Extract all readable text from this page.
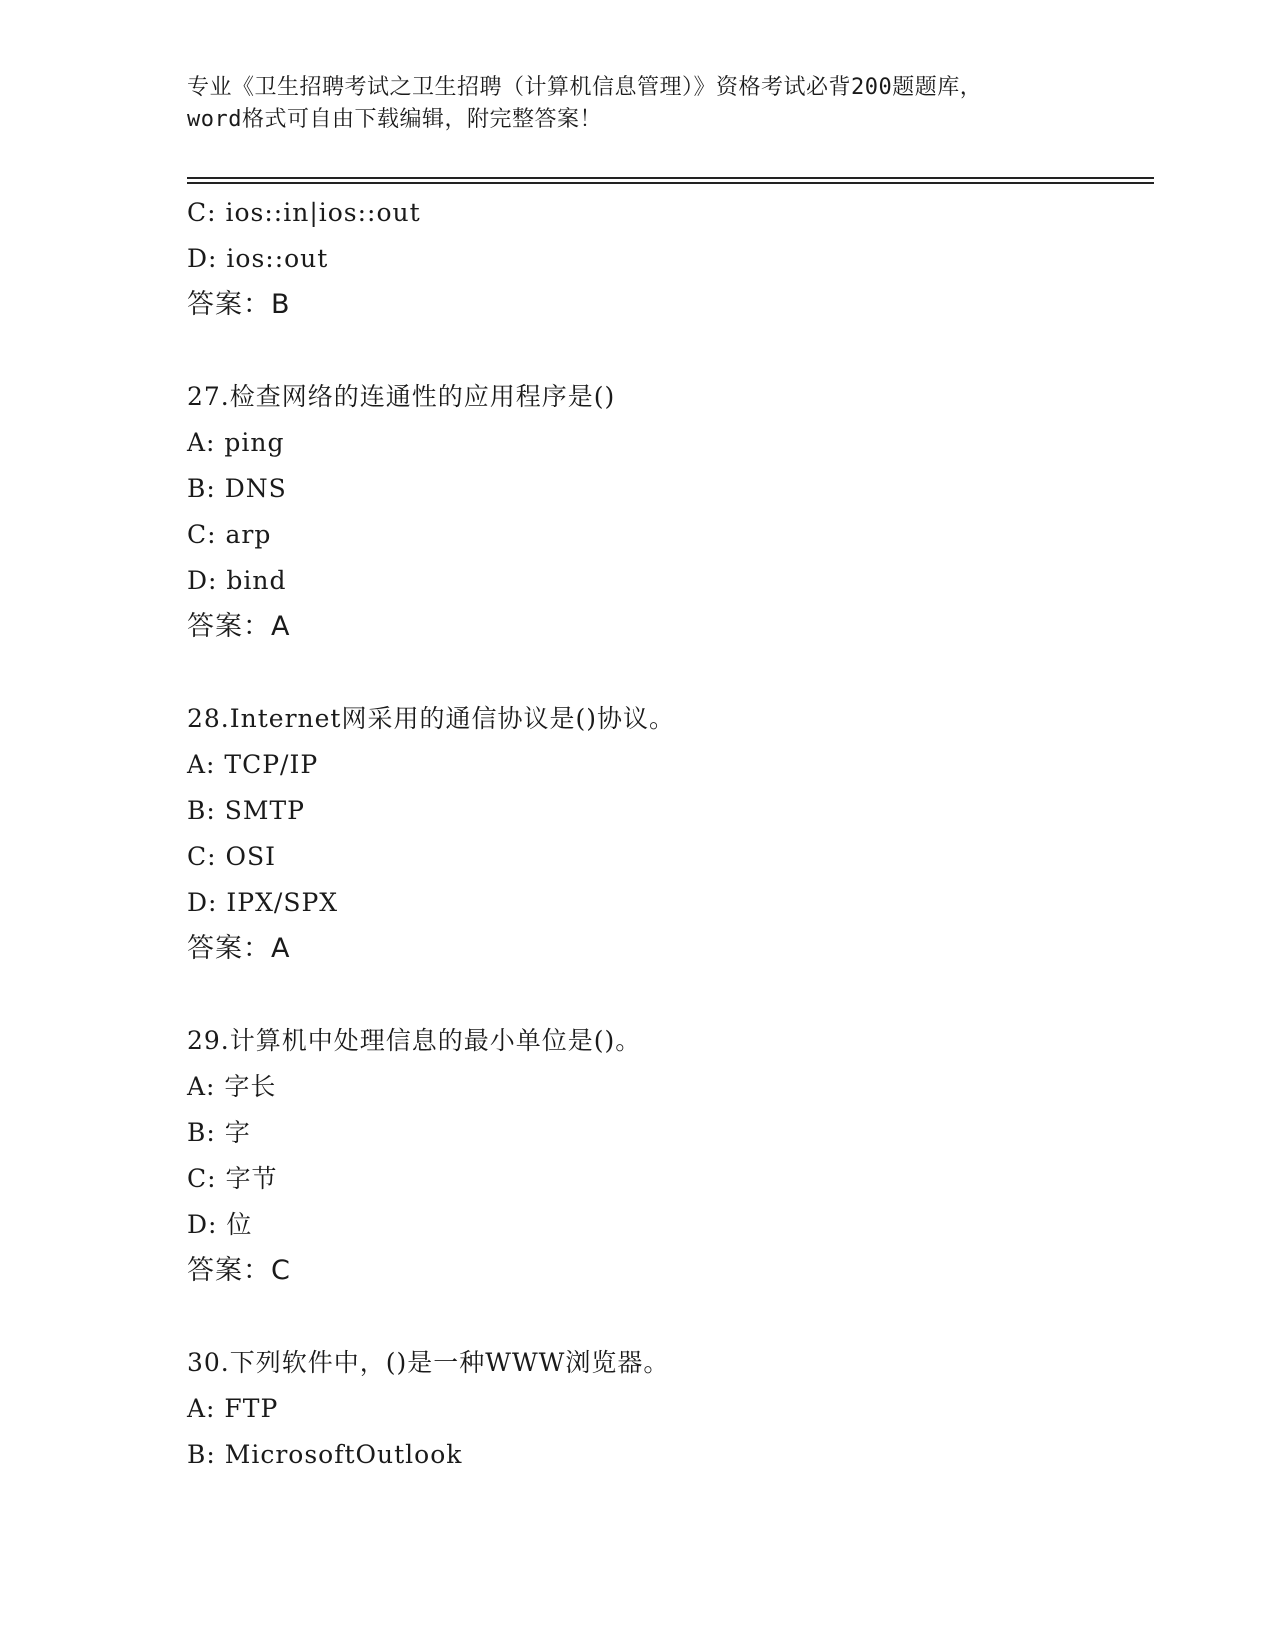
专业《卫生招聘考试之卫生招聘（计算机信息管理）》资格考试必背200题题库，
word格式可自由下载编辑，附完整答案！
C: ios::in|ios::out
D: ios::out
答案：B
27.检查网络的连通性的应用程序是()
A: ping
B: DNS
C: arp
D: bind
答案：A
28.Internet网采用的通信协议是()协议。
A: TCP/IP
B: SMTP
C: OSI
D: IPX/SPX
答案：A
29.计算机中处理信息的最小单位是()。
A: 字长
B: 字
C: 字节
D: 位
答案：C
30.下列软件中，()是一种WWW浏览器。
A: FTP
B: MicrosoftOutlook
